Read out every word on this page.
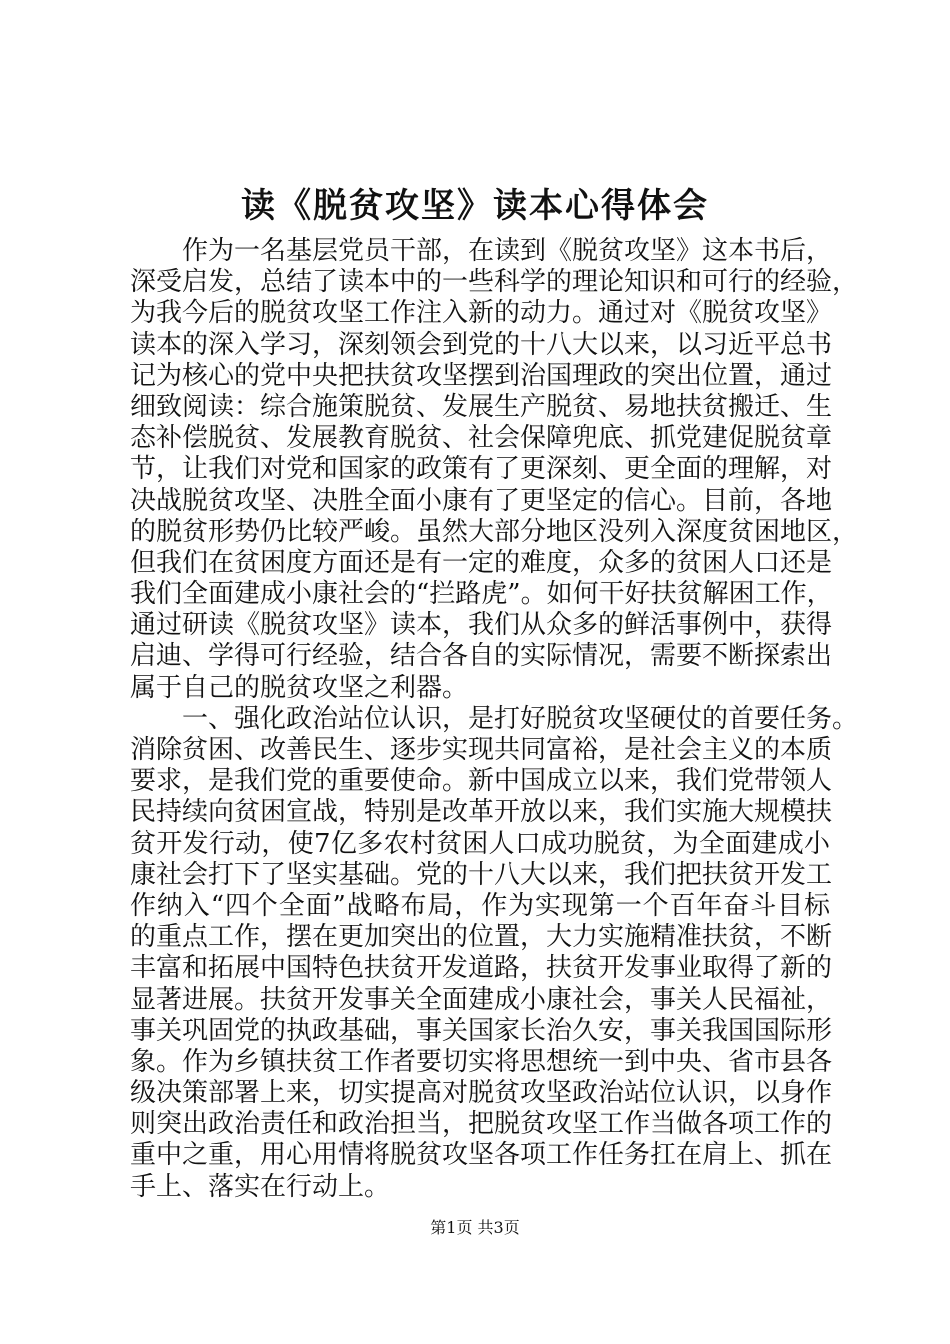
读《脱贫攻坚》读本心得体会
作为一名基层党员干部，在读到《脱贫攻坚》这本书后，
深受启发，总结了读本中的一些科学的理论知识和可行的经验，
为我今后的脱贫攻坚工作注入新的动力。通过对《脱贫攻坚》
读本的深入学习，深刻领会到党的十八大以来，以习近平总书
记为核心的党中央把扶贫攻坚摆到治国理政的突出位置，通过
细致阅读：综合施策脱贫、发展生产脱贫、易地扶贫搬迁、生
态补偿脱贫、发展教育脱贫、社会保障兜底、抓党建促脱贫章
节，让我们对党和国家的政策有了更深刻、更全面的理解，对
决战脱贫攻坚、决胜全面小康有了更坚定的信心。目前，各地
的脱贫形势仍比较严峻。虽然大部分地区没列入深度贫困地区，
但我们在贫困度方面还是有一定的难度，众多的贫困人口还是
我们全面建成小康社会的“拦路虎”。如何干好扶贫解困工作，
通过研读《脱贫攻坚》读本，我们从众多的鲜活事例中，获得
启迪、学得可行经验，结合各自的实际情况，需要不断探索出
属于自己的脱贫攻坚之利器。
一、强化政治站位认识，是打好脱贫攻坚硬仗的首要任务。
消除贫困、改善民生、逐步实现共同富裕，是社会主义的本质
要求，是我们党的重要使命。新中国成立以来，我们党带领人
民持续向贫困宣战，特别是改革开放以来，我们实施大规模扶
贫开发行动，使7亿多农村贫困人口成功脱贫，为全面建成小
康社会打下了坚实基础。党的十八大以来，我们把扶贫开发工
作纳入“四个全面”战略布局，作为实现第一个百年奋斗目标
的重点工作，摆在更加突出的位置，大力实施精准扶贫，不断
丰富和拓展中国特色扶贫开发道路，扶贫开发事业取得了新的
显著进展。扶贫开发事关全面建成小康社会，事关人民福祉，
事关巩固党的执政基础，事关国家长治久安，事关我国国际形
象。作为乡镇扶贫工作者要切实将思想统一到中央、省市县各
级决策部署上来，切实提高对脱贫攻坚政治站位认识，以身作
则突出政治责任和政治担当，把脱贫攻坚工作当做各项工作的
重中之重，用心用情将脱贫攻坚各项工作任务扛在肩上、抓在
手上、落实在行动上。
第1页 共3页
